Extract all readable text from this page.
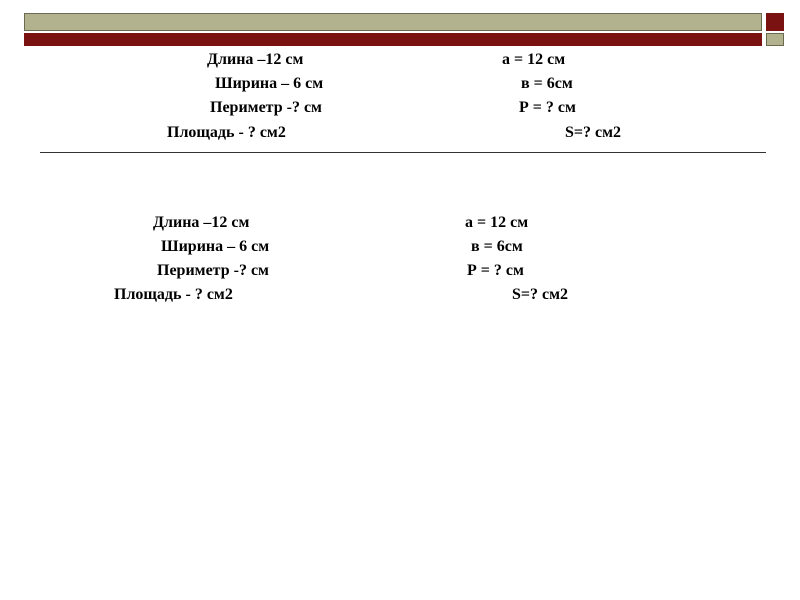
Длина –12 см
Ширина – 6 см
Периметр -? см
Площадь - ? см2
а = 12 см
в = 6см
Р = ? см
S=? см2
Длина –12 см
Ширина – 6 см
Периметр -? см
Площадь - ? см2
а = 12 см
в = 6см
Р = ? см
S=? см2
